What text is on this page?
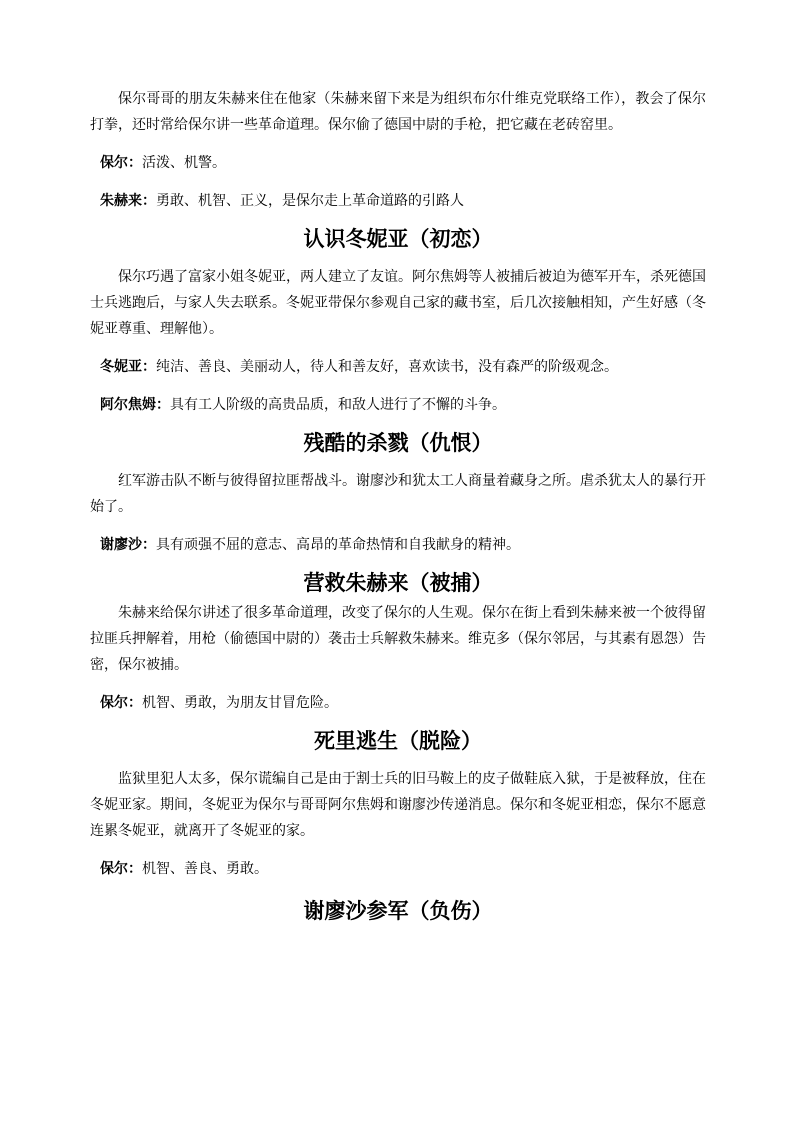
保尔哥哥的朋友朱赫来住在他家（朱赫来留下来是为组织布尔什维克党联络工作），教会了保尔打拳，还时常给保尔讲一些革命道理。保尔偷了德国中尉的手枪，把它藏在老砖窑里。

保尔：活泼、机警。

朱赫来：勇敢、机智、正义，是保尔走上革命道路的引路人

认识冬妮亚（初恋）

保尔巧遇了富家小姐冬妮亚，两人建立了友谊。阿尔焦姆等人被捕后被迫为德军开车，杀死德国士兵逃跑后，与家人失去联系。冬妮亚带保尔参观自己家的藏书室，后几次接触相知，产生好感（冬妮亚尊重、理解他）。

冬妮亚：纯洁、善良、美丽动人，待人和善友好，喜欢读书，没有森严的阶级观念。

阿尔焦姆：具有工人阶级的高贵品质，和敌人进行了不懈的斗争。

残酷的杀戮（仇恨）

红军游击队不断与彼得留拉匪帮战斗。谢廖沙和犹太工人商量着藏身之所。虐杀犹太人的暴行开始了。

谢廖沙：具有顽强不屈的意志、高昂的革命热情和自我献身的精神。

营救朱赫来（被捕）

朱赫来给保尔讲述了很多革命道理，改变了保尔的人生观。保尔在街上看到朱赫来被一个彼得留拉匪兵押解着，用枪（偷德国中尉的）袭击士兵解救朱赫来。维克多（保尔邻居，与其素有恩怨）告密，保尔被捕。

保尔：机智、勇敢，为朋友甘冒危险。

死里逃生（脱险）

监狱里犯人太多，保尔谎编自己是由于割士兵的旧马鞍上的皮子做鞋底入狱，于是被释放，住在冬妮亚家。期间，冬妮亚为保尔与哥哥阿尔焦姆和谢廖沙传递消息。保尔和冬妮亚相恋，保尔不愿意连累冬妮亚，就离开了冬妮亚的家。

保尔：机智、善良、勇敢。

谢廖沙参军（负伤）
